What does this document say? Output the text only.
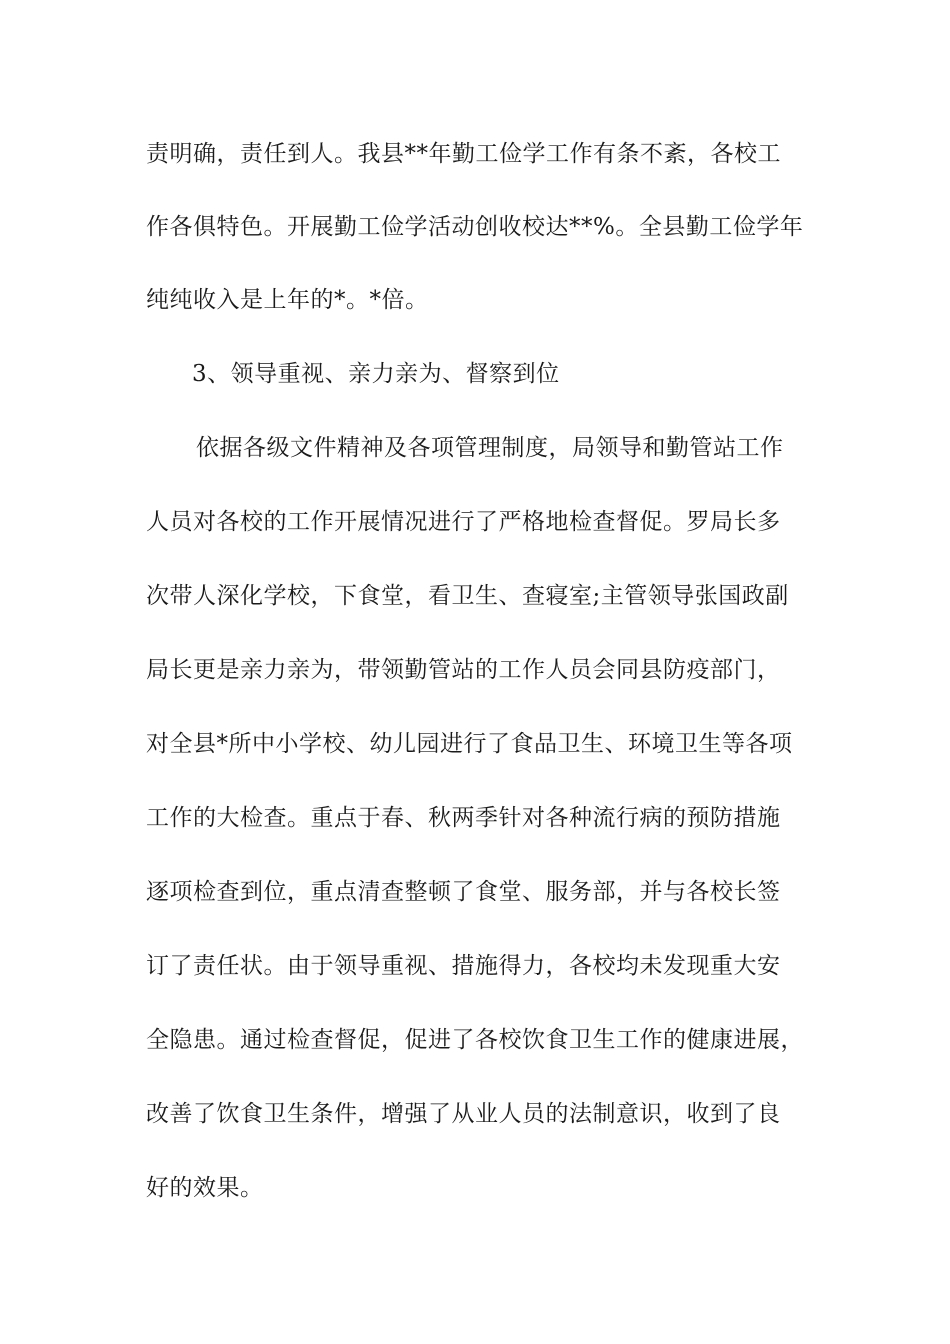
责明确，责任到人。我县**年勤工俭学工作有条不紊，各校工
作各俱特色。开展勤工俭学活动创收校达**%。全县勤工俭学年
纯纯收入是上年的*。*倍。
3、领导重视、亲力亲为、督察到位
依据各级文件精神及各项管理制度，局领导和勤管站工作
人员对各校的工作开展情况进行了严格地检查督促。罗局长多
次带人深化学校，下食堂，看卫生、查寝室;主管领导张国政副
局长更是亲力亲为，带领勤管站的工作人员会同县防疫部门，
对全县*所中小学校、幼儿园进行了食品卫生、环境卫生等各项
工作的大检查。重点于春、秋两季针对各种流行病的预防措施
逐项检查到位，重点清查整顿了食堂、服务部，并与各校长签
订了责任状。由于领导重视、措施得力，各校均未发现重大安
全隐患。通过检查督促，促进了各校饮食卫生工作的健康进展，
改善了饮食卫生条件，增强了从业人员的法制意识，收到了良
好的效果。
